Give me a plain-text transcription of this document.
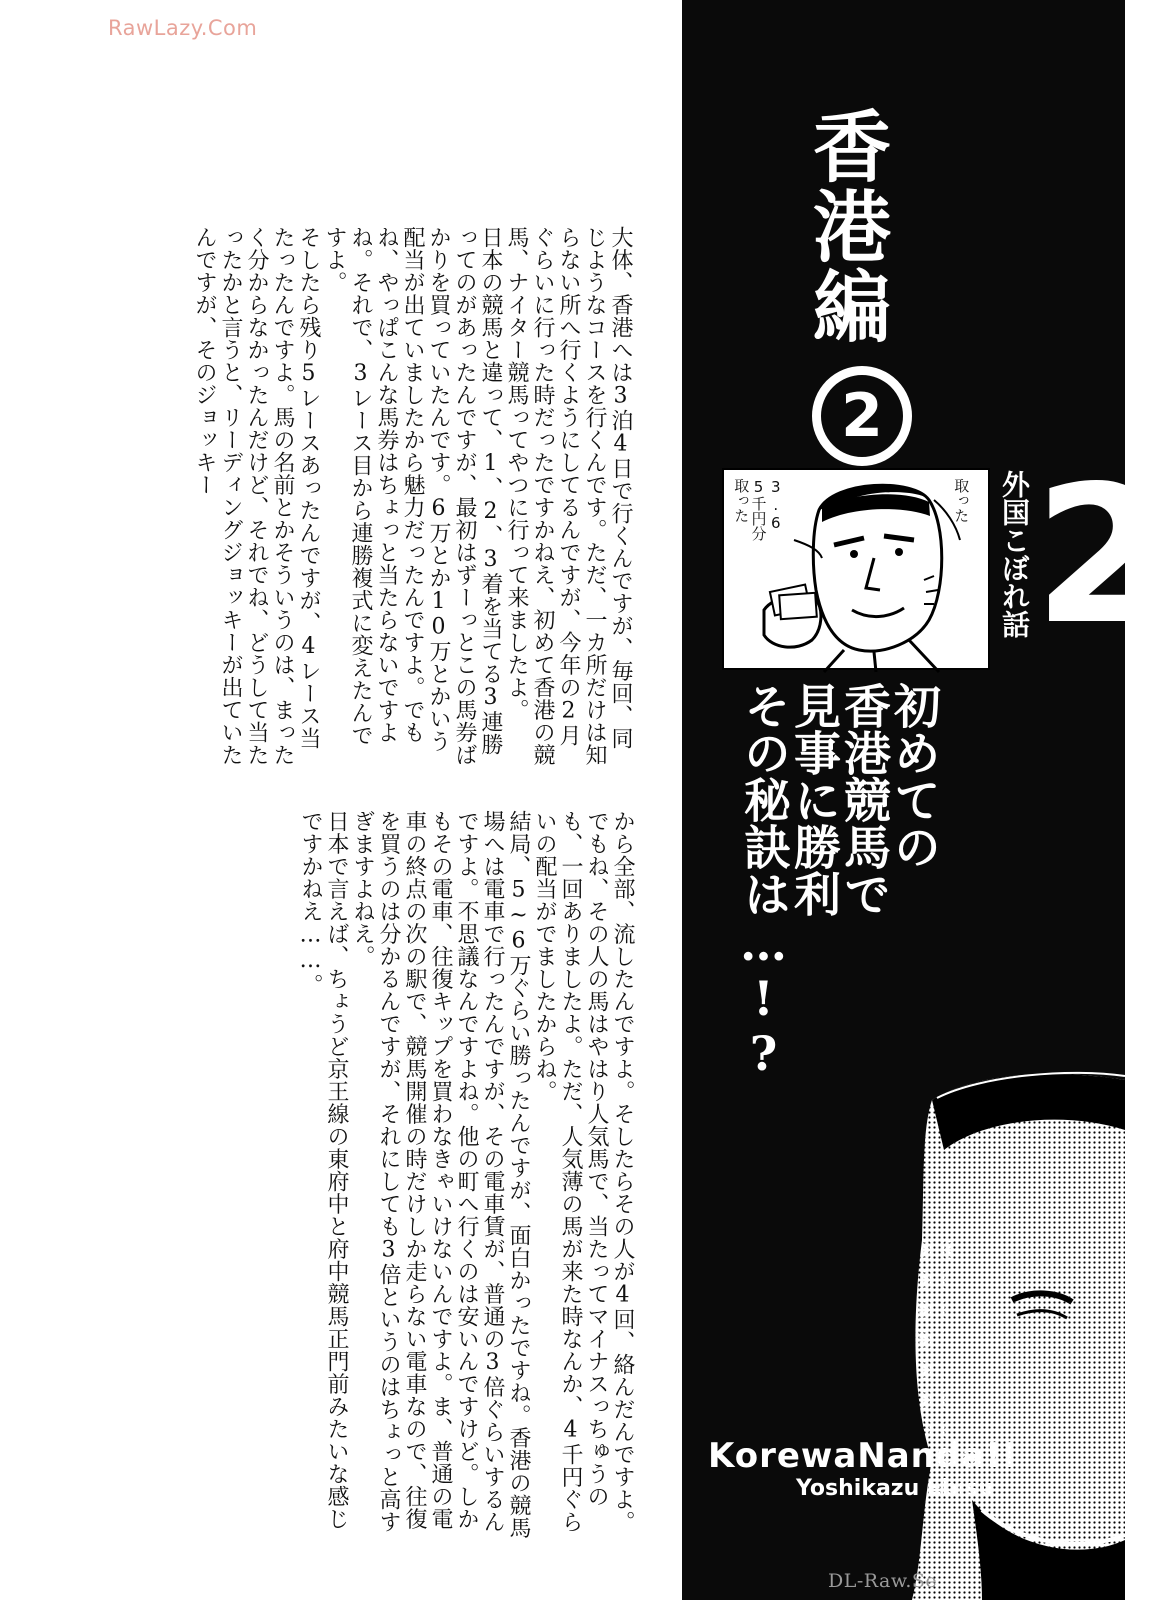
RawLazy.Com

大体、香港へは3泊4日で行くんですが、毎回、同じようなコースを行くんです。ただ、一カ所だけは知らない所へ行くようにしてるんですが、今年の2月ぐらいに行った時だったですかねえ、初めて香港の競馬、ナイター競馬ってやつに行って来ましたよ。

日本の競馬と違って、1、2、3着を当てる3連勝ってのがあったんですが、最初はずーっとこの馬券ばかりを買っていたんです。6万とか10万とかいう配当が出ていましたから魅力だったんですよ。でもね、やっぱこんな馬券はちょっと当たらないですよね。それで、3レース目から連勝複式に変えたんですよ。

そしたら残り5レースあったんですが、4レース当たったんですよ。馬の名前とかそういうのは、まったく分からなかったんだけど、それでね、どうして当たったかと言うと、リーディングジョッキーが出ていたんですが、そのジョッキー

から全部、流したんですよ。そしたらその人が4回、絡んだんですよ。

でもね、その人の馬はやはり人気馬で、当たってマイナスっちゅうのも、一回ありましたよ。ただ、人気薄の馬が来た時なんか、4千円ぐらいの配当がでましたからね。

結局、5~6万ぐらい勝ったんですが、面白かったですね。香港の競馬場へは電車で行ったんですが、その電車賃が、普通の3倍ぐらいするんですよ。不思議なんですよね。他の町へ行くのは安いんですけど。しかもその電車、往復キップを買わなきゃいけないんですよ。ま、普通の電車の終点の次の駅で、競馬開催の時だけしか走らない電車なので、往復を買うのは分かるんですが、それにしても3倍というのはちょっと高すぎますよねえ。

日本で言えば、ちょうど京王線の東府中と府中競馬正門前みたいな感じですかねえ……。

香港編
2
外国こぼれ話 2
3.6
5千円分
取った	取った
初めての
香港競馬で
見事に勝利
その秘訣は…!?
KorewaNanda!!
Yoshikazu Ebisu
DL-Raw.Se
